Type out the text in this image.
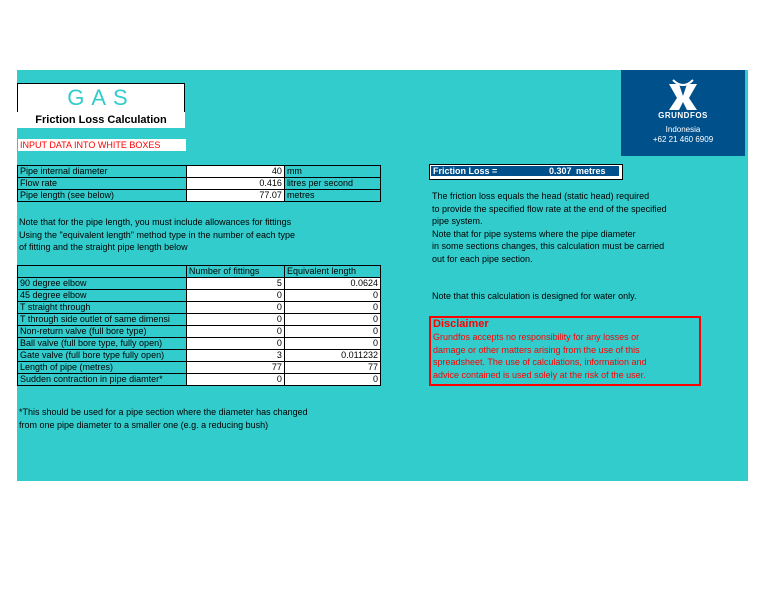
GAS
Friction Loss Calculation
INPUT DATA INTO WHITE BOXES
GRUNDFOS
Indonesia
+62 21 460 6909
Pipe internal diameter	40	mm
Flow rate	0.416	litres per second
Pipe length (see below)	77.07	metres
Note that for the pipe length, you must include allowances for fittings
Using the "equivalent length" method type in the number of each type
of fitting and the straight pipe length below
	Number of fittings	Equivalent length
90 degree elbow	5	0.0624
45 degree elbow	0	0
T straight through	0	0
T through side outlet of same dimensi	0	0
Non-return valve (full bore type)	0	0
Ball valve (full bore type, fully open)	0	0
Gate valve (full bore type fully open)	3	0.011232
Length of pipe (metres)	77	77
Sudden contraction in pipe diamter*	0	0
*This should be used for a pipe section where the diameter has changed
from one pipe diameter to a smaller one (e.g. a reducing bush)
Friction Loss =	0.307 metres
The friction loss equals the head (static head) required
to provide the specified flow rate at the end of the specified
pipe system.
Note that for pipe systems where the pipe diameter
in some sections changes, this calculation must be carried
out for each pipe section.
Note that this calculation is designed for water only.
Disclaimer
Grundfos accepts no responsibility for any losses or
damage or other matters arising from the use of this
spreadsheet. The use of calculations, information and
advice contained is used solely at the risk of the user.
